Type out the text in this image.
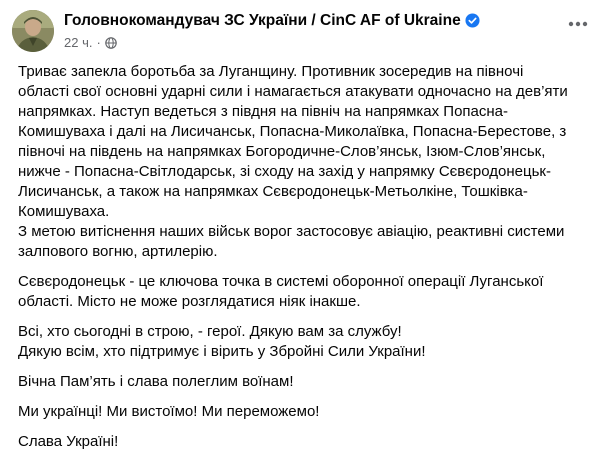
Головнокомандувач ЗС України / CinC AF of Ukraine
22 ч. ·

Триває запекла боротьба за Луганщину. Противник зосередив на півночі
області свої основні ударні сили і намагається атакувати одночасно на дев’яти
напрямках. Наступ ведеться з півдня на північ на напрямках Попасна-
Комишуваха і далі на Лисичанськ, Попасна-Миколаївка, Попасна-Берестове, з
півночі на південь на напрямках Богородичне-Слов’янськ, Ізюм-Слов’янськ,
нижче - Попасна-Світлодарськ, зі сходу на захід у напрямку Сєвєродонецьк-
Лисичанськ, а також на напрямках Сєвєродонецьк-Метьолкіне, Тошківка-
Комишуваха.
З метою витіснення наших військ ворог застосовує авіацію, реактивні системи
залпового вогню, артилерію.

Сєвєродонецьк - це ключова точка в системі оборонної операції Луганської
області. Місто не може розглядатися ніяк інакше.

Всі, хто сьогодні в строю, - герої. Дякую вам за службу!
Дякую всім, хто підтримує і вірить у Збройні Сили України!

Вічна Пам’ять і слава полеглим воїнам!

Ми українці! Ми вистоїмо! Ми переможемо!

Слава Україні!
